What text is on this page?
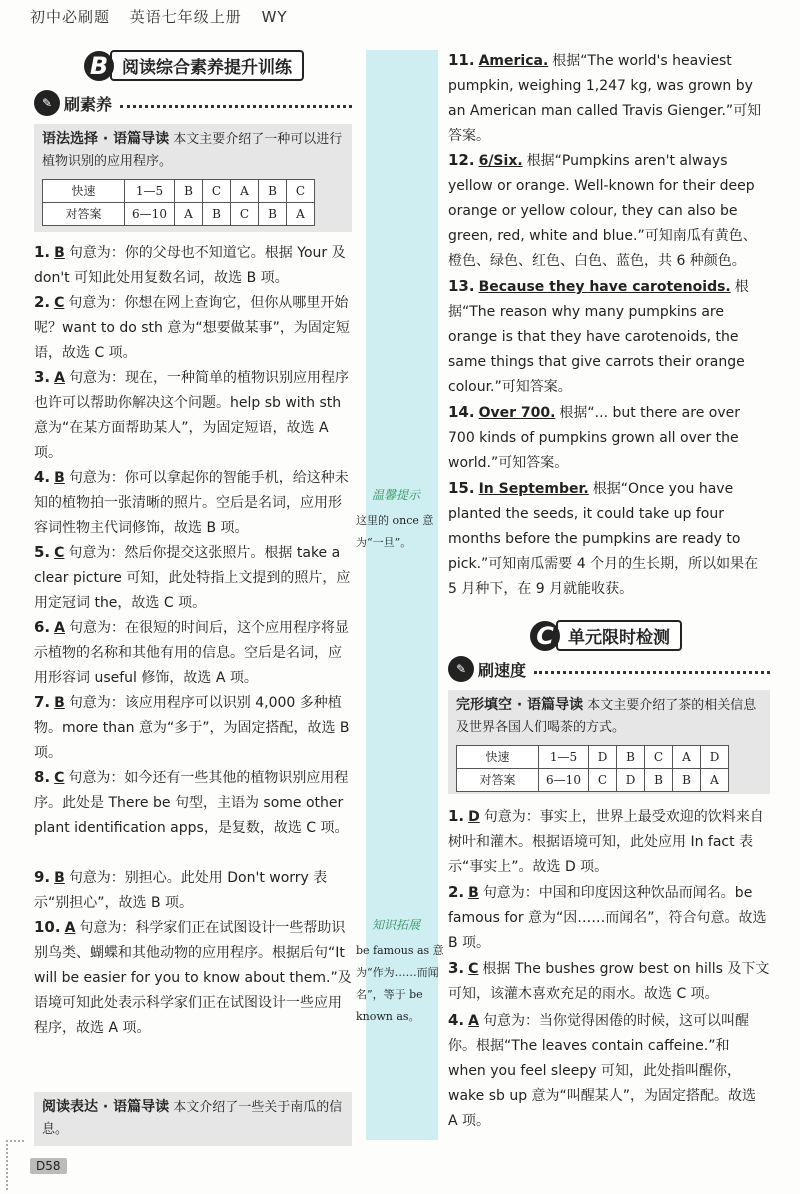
初中必刷题 英语七年级上册 WY
B 阅读综合素养提升训练
✎ 刷素养
语法选择 · 语篇导读 本文主要介绍了一种可以进行植物识别的应用程序。
快速	1—5	B	C	A	B	C
对答案	6—10	A	B	C	B	A

1. B 句意为：你的父母也不知道它。根据 Your 及 don't 可知此处用复数名词，故选 B 项。

2. C 句意为：你想在网上查询它，但你从哪里开始呢？want to do sth 意为“想要做某事”，为固定短语，故选 C 项。

3. A 句意为：现在，一种简单的植物识别应用程序也许可以帮助你解决这个问题。help sb with sth 意为“在某方面帮助某人”，为固定短语，故选 A 项。

4. B 句意为：你可以拿起你的智能手机，给这种未知的植物拍一张清晰的照片。空后是名词，应用形容词性物主代词修饰，故选 B 项。

5. C 句意为：然后你提交这张照片。根据 take a clear picture 可知，此处特指上文提到的照片，应用定冠词 the，故选 C 项。

6. A 句意为：在很短的时间后，这个应用程序将显示植物的名称和其他有用的信息。空后是名词，应用形容词 useful 修饰，故选 A 项。

7. B 句意为：该应用程序可以识别 4,000 多种植物。more than 意为“多于”，为固定搭配，故选 B 项。

8. C 句意为：如今还有一些其他的植物识别应用程序。此处是 There be 句型，主语为 some other plant identification apps，是复数，故选 C 项。

9. B 句意为：别担心。此处用 Don't worry 表示“别担心”，故选 B 项。

10. A 句意为：科学家们正在试图设计一些帮助识别鸟类、蝴蝶和其他动物的应用程序。根据后句“It will be easier for you to know about them.”及语境可知此处表示科学家们正在试图设计一些应用程序，故选 A 项。

阅读表达 · 语篇导读 本文介绍了一些关于南瓜的信息。
温馨提示
这里的 once 意为“一旦”。
知识拓展
be famous as 意为“作为……而闻名”，等于 be known as。

11. America. 根据“The world's heaviest pumpkin, weighing 1,247 kg, was grown by an American man called Travis Gienger.”可知答案。

12. 6/Six. 根据“Pumpkins aren't always yellow or orange. Well-known for their deep orange or yellow colour, they can also be green, red, white and blue.”可知南瓜有黄色、橙色、绿色、红色、白色、蓝色，共 6 种颜色。

13. Because they have carotenoids. 根据“The reason why many pumpkins are orange is that they have carotenoids, the same things that give carrots their orange colour.”可知答案。

14. Over 700. 根据“... but there are over 700 kinds of pumpkins grown all over the world.”可知答案。

15. In September. 根据“Once you have planted the seeds, it could take up four months before the pumpkins are ready to pick.”可知南瓜需要 4 个月的生长期，所以如果在 5 月种下，在 9 月就能收获。

C 单元限时检测
✎ 刷速度
完形填空 · 语篇导读 本文主要介绍了茶的相关信息及世界各国人们喝茶的方式。
快速	1—5	D	B	C	A	D
对答案	6—10	C	D	B	B	A

1. D 句意为：事实上，世界上最受欢迎的饮料来自树叶和灌木。根据语境可知，此处应用 In fact 表示“事实上”。故选 D 项。

2. B 句意为：中国和印度因这种饮品而闻名。be famous for 意为“因……而闻名”，符合句意。故选 B 项。

3. C 根据 The bushes grow best on hills 及下文可知，该灌木喜欢充足的雨水。故选 C 项。

4. A 句意为：当你觉得困倦的时候，这可以叫醒你。根据“The leaves contain caffeine.”和 when you feel sleepy 可知，此处指叫醒你，wake sb up 意为“叫醒某人”，为固定搭配。故选 A 项。

D58
